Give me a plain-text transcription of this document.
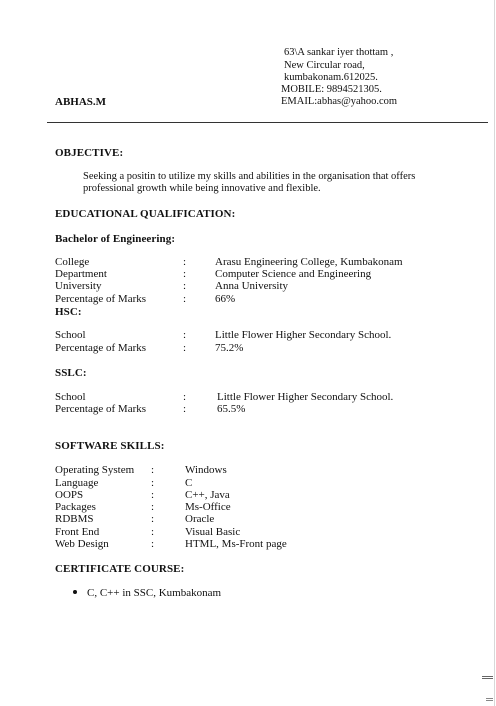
63\A sankar iyer thottam ,
New Circular road,
kumbakonam.612025.
MOBILE: 9894521305.
ABHAS.M	EMAIL:abhas@yahoo.com
OBJECTIVE:
Seeking a positin to utilize my skills and abilities in the organisation that offers
professional growth while being innovative and flexible.
EDUCATIONAL QUALIFICATION:
Bachelor of Engineering:
College	:	Arasu Engineering College, Kumbakonam
Department	:	Computer Science and Engineering
University	:	Anna University
Percentage of Marks	:	66%
HSC:
School	:	Little Flower Higher Secondary School.
Percentage of Marks	:	75.2%
SSLC:
School	:	Little Flower Higher Secondary School.
Percentage of Marks	:	65.5%
SOFTWARE SKILLS:
Operating System :	Windows
Language	:	C
OOPS	:	C++, Java
Packages	:	Ms-Office
RDBMS	:	Oracle
Front End	:	Visual Basic
Web Design	:	HTML, Ms-Front page
CERTIFICATE COURSE:
C, C++ in SSC, Kumbakonam
